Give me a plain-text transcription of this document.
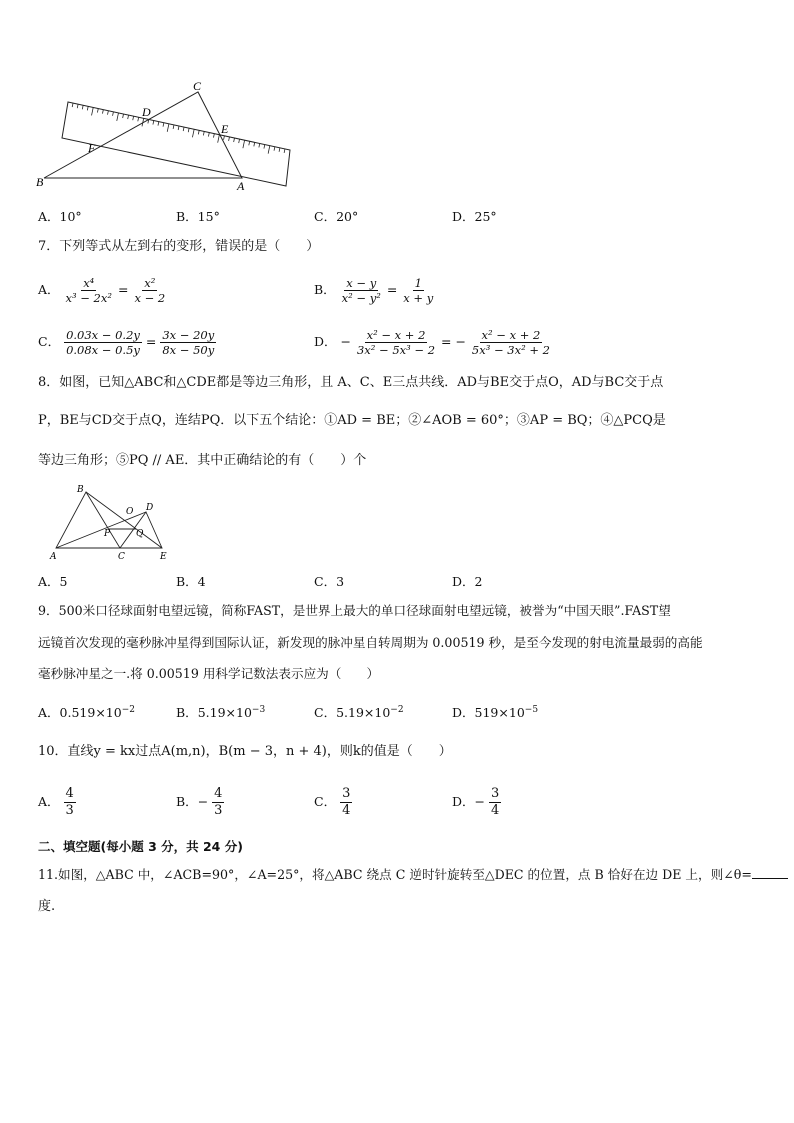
C
D
E
F
B	A
A．10°	B．15°	C．20°	D．25°
7．下列等式从左到右的变形，错误的是（　　）
A． $\frac{\text{x⁴}}{\text{x³ − 2x²}} = \frac{\text{x²}}{x - 2}$	B． $\frac{x - y}{\text{x² − y²}} = \frac{1}{x + y}$
C． $\frac{0.03x - 0.2y}{0.08x - 0.5y} = \frac{3x - 20y}{8x - 50y}$	D． − $\frac{\text{x² − x + 2}}{\text{3x² − 5x³ − 2}}$ = − $\frac{\text{x² − x + 2}}{\text{5x³ − 3x² + 2}}$
8．如图，已知△ABC和△CDE都是等边三角形，且 A、C、E三点共线．AD与BE交于点O，AD与BC交于点
P，BE与CD交于点Q，连结PQ．以下五个结论：①AD = BE；②∠AOB = 60°；③AP = BQ；④△PCQ是
等边三角形；⑤PQ // AE．其中正确结论的有（　　）个
B
O D
P	Q
A	C	E
A．5	B．4	C．3	D．2
9．500米口径球面射电望远镜，简称FAST，是世界上最大的单口径球面射电望远镜，被誉为“中国天眼”.FAST望
远镜首次发现的毫秒脉冲星得到国际认证，新发现的脉冲星自转周期为 0.00519 秒，是至今发现的射电流量最弱的高能
毫秒脉冲星之一.将 0.00519 用科学记数法表示应为（　　）
A．$0.519\times 10^{-2}$	B．$5.19\times 10^{-3}$	C．$5.19\times 10^{-2}$	D．$519\times 10^{-5}$
10．直线y = kx过点A(m,n)，B(m − 3，n + 4)，则k的值是（　　）
A． $\frac{4}{3}$	B．− $\frac{4}{3}$	C． $\frac{3}{4}$	D．− $\frac{3}{4}$
二、填空题(每小题 3 分，共 24 分)
11.如图，△ABC 中，∠ACB=90°，∠A=25°，将△ABC 绕点 C 逆时针旋转至△DEC 的位置，点 B 恰好在边 DE 上，则∠θ=
度.
